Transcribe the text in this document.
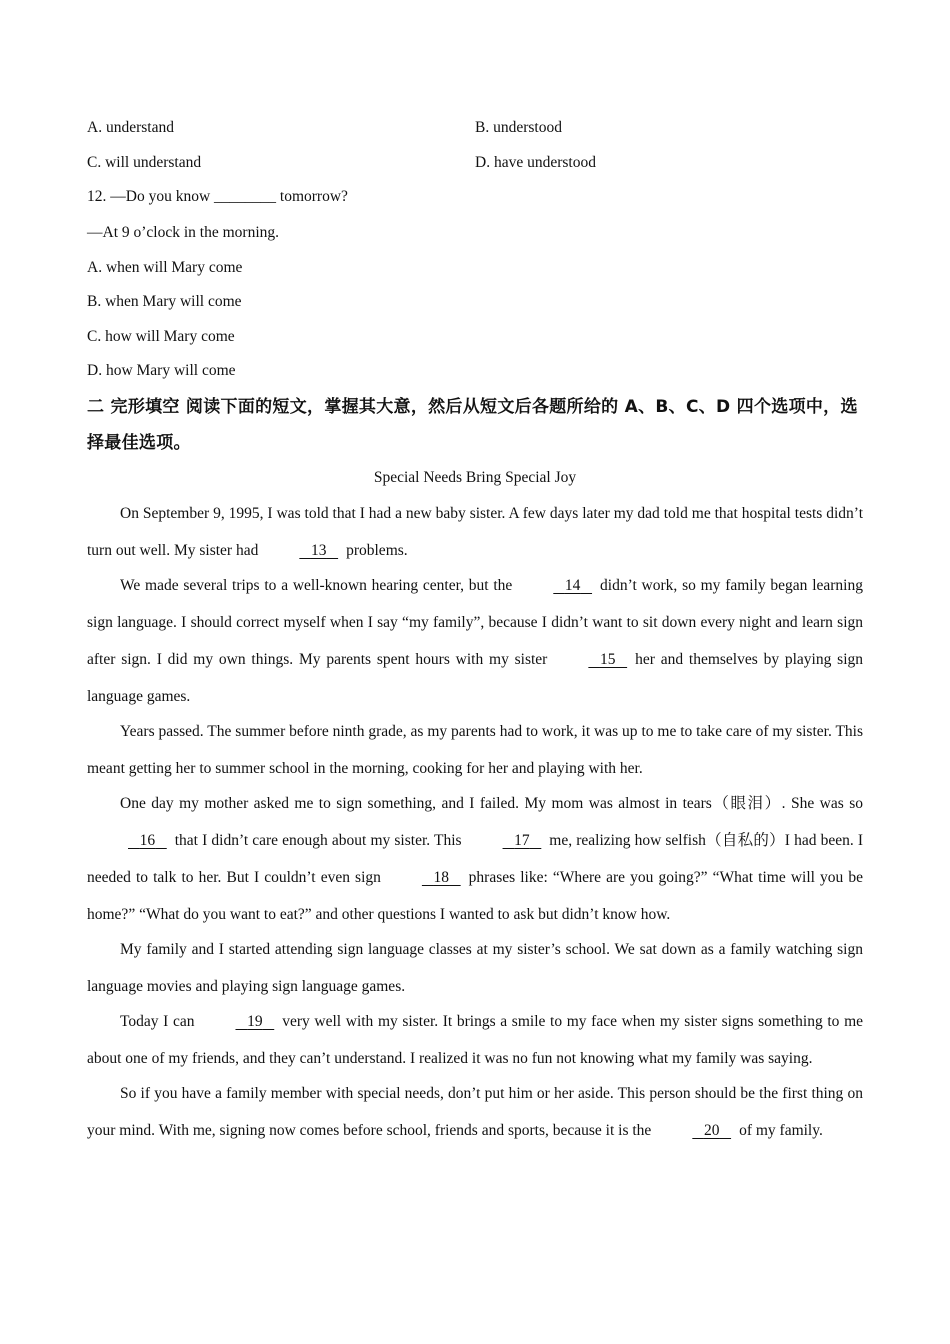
A. understand	B. understood
C. will understand	D. have understood
12. —Do you know ________ tomorrow?
—At 9 o’clock in the morning.
A. when will Mary come
B. when Mary will come
C. how will Mary come
D. how Mary will come
二 完形填空 阅读下面的短文，掌握其大意，然后从短文后各题所给的 A、B、C、D 四个选项中，选择最佳选项。
Special Needs Bring Special Joy

On September 9, 1995, I was told that I had a new baby sister. A few days later my dad told me that hospital tests didn’t turn out well. My sister had	13 problems.

We made several trips to a well-known hearing center, but the	14 didn’t work, so my family began learning sign language. I should correct myself when I say “my family”, because I didn’t want to sit down every night and learn sign after sign. I did my own things. My parents spent hours with my sister	15 her and themselves by playing sign language games.

Years passed. The summer before ninth grade, as my parents had to work, it was up to me to take care of my sister. This meant getting her to summer school in the morning, cooking for her and playing with her.

One day my mother asked me to sign something, and I failed. My mom was almost in tears（眼泪）. She was so16 that I didn’t care enough about my sister. This	17 me, realizing how selfish（自私的）I had been. I needed to talk to her. But I couldn’t even sign	18 phrases like: “Where are you going?” “What time will you be home?” “What do you want to eat?” and other questions I wanted to ask but didn’t know how.

My family and I started attending sign language classes at my sister’s school. We sat down as a family watching sign language movies and playing sign language games.

Today I can	19 very well with my sister. It brings a smile to my face when my sister signs something to me about one of my friends, and they can’t understand. I realized it was no fun not knowing what my family was saying.

So if you have a family member with special needs, don’t put him or her aside. This person should be the first thing on your mind. With me, signing now comes before school, friends and sports, because it is the	20 of my family.
